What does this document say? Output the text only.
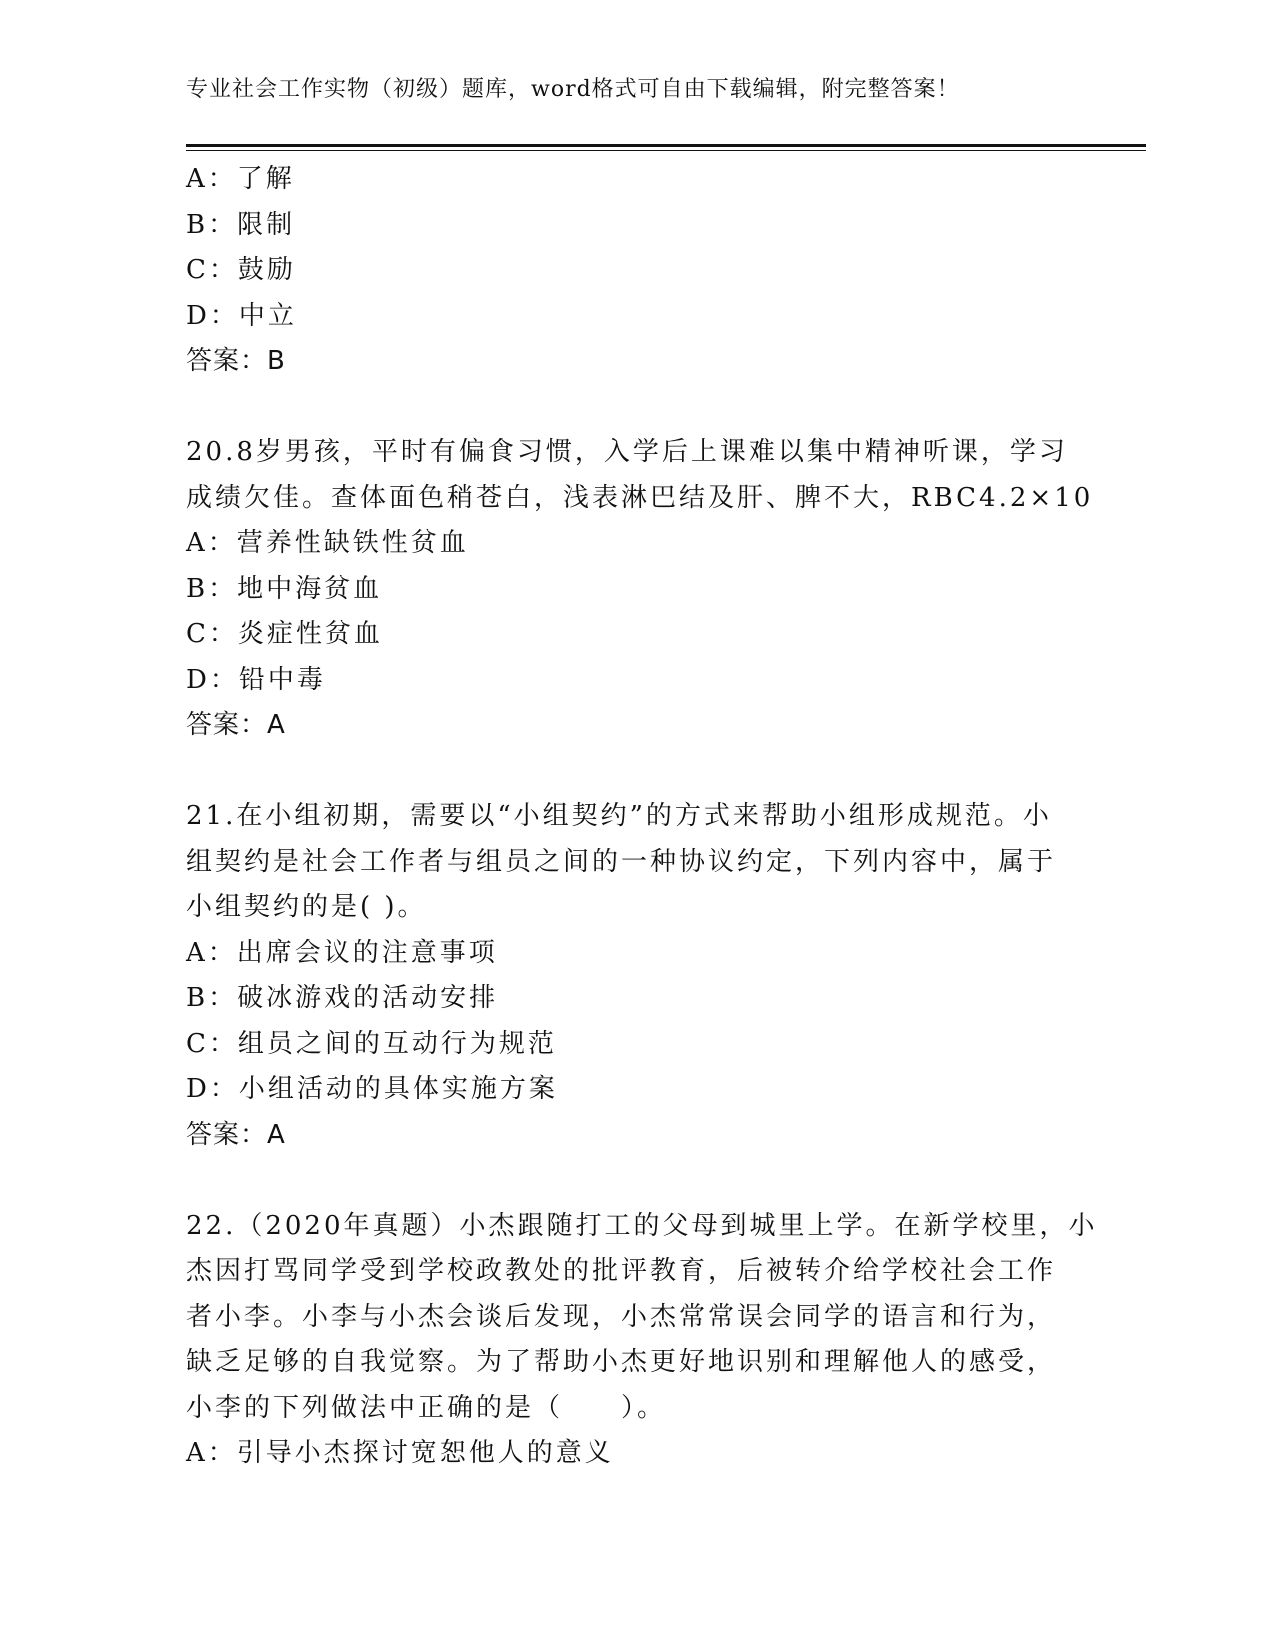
专业社会工作实物（初级）题库，word格式可自由下载编辑，附完整答案！
A：了解
B：限制
C：鼓励
D：中立
答案：B
20.8岁男孩，平时有偏食习惯，入学后上课难以集中精神听课，学习
成绩欠佳。查体面色稍苍白，浅表淋巴结及肝、脾不大，RBC4.2×10
A：营养性缺铁性贫血
B：地中海贫血
C：炎症性贫血
D：铅中毒
答案：A
21.在小组初期，需要以“小组契约”的方式来帮助小组形成规范。小
组契约是社会工作者与组员之间的一种协议约定，下列内容中，属于
小组契约的是( )。
A：出席会议的注意事项
B：破冰游戏的活动安排
C：组员之间的互动行为规范
D：小组活动的具体实施方案
答案：A
22.（2020年真题）小杰跟随打工的父母到城里上学。在新学校里，小
杰因打骂同学受到学校政教处的批评教育，后被转介给学校社会工作
者小李。小李与小杰会谈后发现，小杰常常误会同学的语言和行为，
缺乏足够的自我觉察。为了帮助小杰更好地识别和理解他人的感受，
小李的下列做法中正确的是（　　）。
A：引导小杰探讨宽恕他人的意义
